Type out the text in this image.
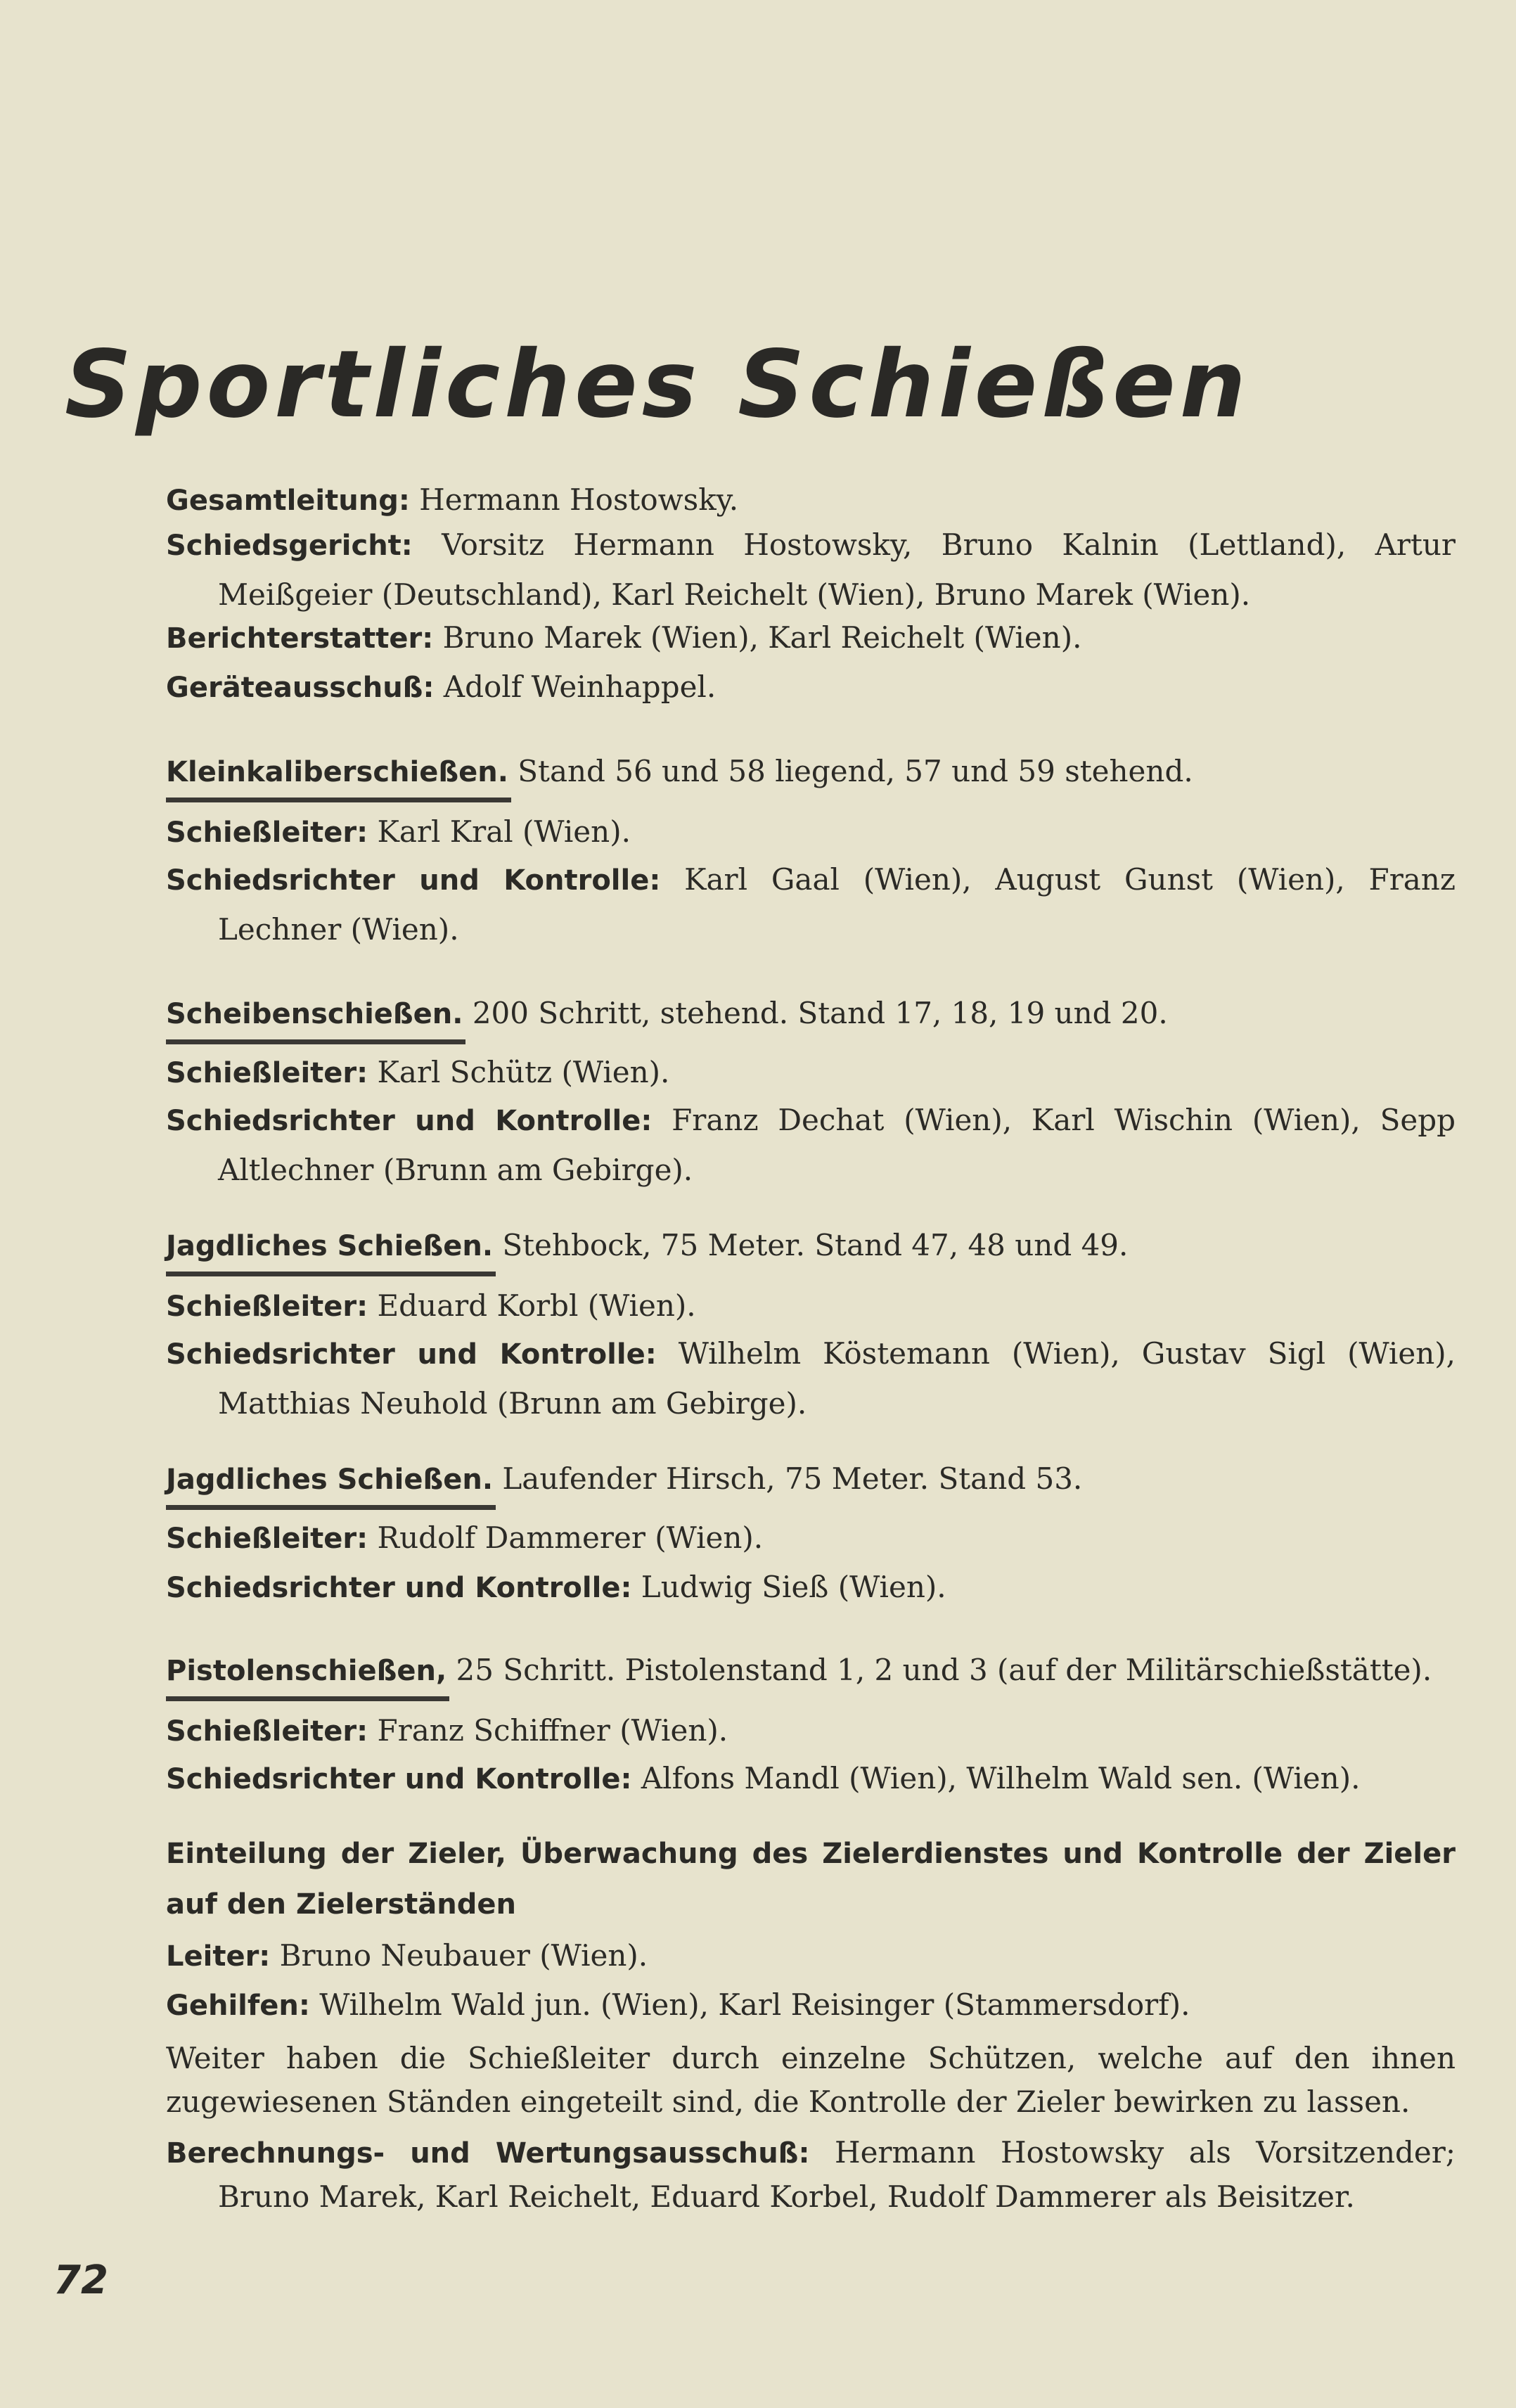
Sportliches Schießen
Gesamtleitung: Hermann Hostowsky.
Schiedsgericht: Vorsitz Hermann Hostowsky, Bruno Kalnin (Lettland), Artur Meißgeier (Deutschland), Karl Reichelt (Wien), Bruno Marek (Wien).
Berichterstatter: Bruno Marek (Wien), Karl Reichelt (Wien).
Geräteausschuß: Adolf Weinhappel.
Kleinkaliberschießen. Stand 56 und 58 liegend, 57 und 59 stehend.
Schießleiter: Karl Kral (Wien).
Schiedsrichter und Kontrolle: Karl Gaal (Wien), August Gunst (Wien), Franz Lechner (Wien).
Scheibenschießen. 200 Schritt, stehend. Stand 17, 18, 19 und 20.
Schießleiter: Karl Schütz (Wien).
Schiedsrichter und Kontrolle: Franz Dechat (Wien), Karl Wischin (Wien), Sepp Altlechner (Brunn am Gebirge).
Jagdliches Schießen. Stehbock, 75 Meter. Stand 47, 48 und 49.
Schießleiter: Eduard Korbl (Wien).
Schiedsrichter und Kontrolle: Wilhelm Köstemann (Wien), Gustav Sigl (Wien), Matthias Neuhold (Brunn am Gebirge).
Jagdliches Schießen. Laufender Hirsch, 75 Meter. Stand 53.
Schießleiter: Rudolf Dammerer (Wien).
Schiedsrichter und Kontrolle: Ludwig Sieß (Wien).
Pistolenschießen, 25 Schritt. Pistolenstand 1, 2 und 3 (auf der Militärschießstätte).
Schießleiter: Franz Schiffner (Wien).
Schiedsrichter und Kontrolle: Alfons Mandl (Wien), Wilhelm Wald sen. (Wien).
Einteilung der Zieler, Überwachung des Zielerdienstes und Kontrolle der Zieler auf den Zielerständen
Leiter: Bruno Neubauer (Wien).
Gehilfen: Wilhelm Wald jun. (Wien), Karl Reisinger (Stammersdorf).
Weiter haben die Schießleiter durch einzelne Schützen, welche auf den ihnen zugewiesenen Ständen eingeteilt sind, die Kontrolle der Zieler bewirken zu lassen.
Berechnungs- und Wertungsausschuß: Hermann Hostowsky als Vorsitzender; Bruno Marek, Karl Reichelt, Eduard Korbel, Rudolf Dammerer als Beisitzer.
72
